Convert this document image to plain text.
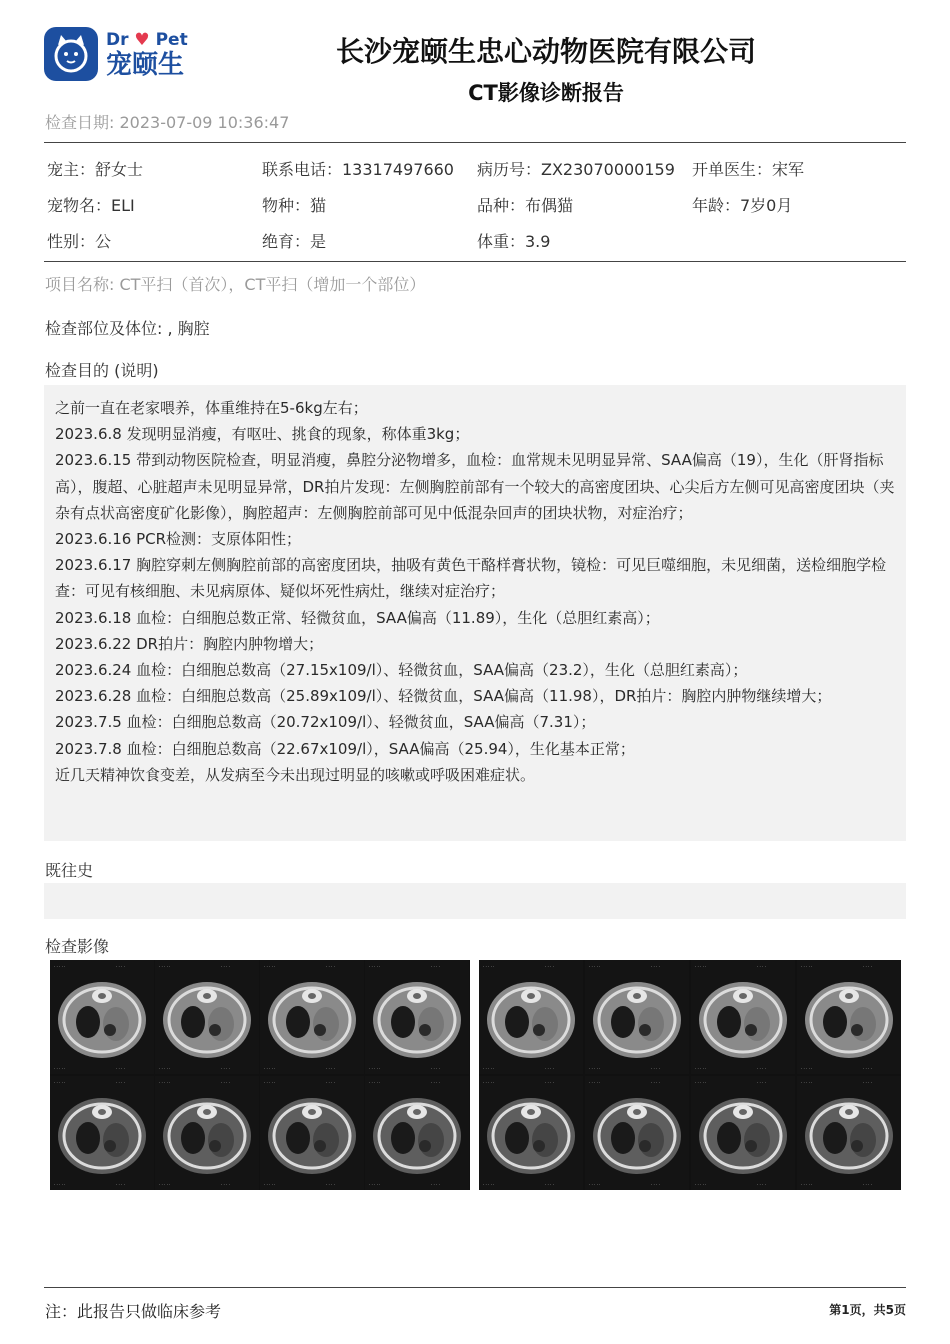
Dr ♥ Pet
宠颐生	长沙宠颐生忠心动物医院有限公司
CT影像诊断报告
检查日期: 2023-07-09 10:36:47
宠主：舒女士	联系电话：13317497660 病历号：ZX23070000159 开单医生：宋军
宠物名：ELI	物种：猫	品种：布偶猫	年龄：7岁0月
性别：公	绝育：是	体重：3.9
项目名称: CT平扫（首次），CT平扫（增加一个部位）
检查部位及体位: , 胸腔
检查目的 (说明)

之前一直在老家喂养，体重维持在5-6kg左右；

2023.6.8 发现明显消瘦，有呕吐、挑食的现象，称体重3kg；

2023.6.15 带到动物医院检查，明显消瘦，鼻腔分泌物增多，血检：血常规未见明显异常、SAA偏高（19），生化（肝肾指标高），腹超、心脏超声未见明显异常，DR拍片发现：左侧胸腔前部有一个较大的高密度团块、心尖后方左侧可见高密度团块（夹杂有点状高密度矿化影像），胸腔超声：左侧胸腔前部可见中低混杂回声的团块状物，对症治疗；

2023.6.16 PCR检测：支原体阳性；

2023.6.17 胸腔穿刺左侧胸腔前部的高密度团块，抽吸有黄色干酪样膏状物，镜检：可见巨噬细胞，未见细菌，送检细胞学检查：可见有核细胞、未见病原体、疑似坏死性病灶，继续对症治疗；

2023.6.18 血检：白细胞总数正常、轻微贫血，SAA偏高（11.89），生化（总胆红素高）；

2023.6.22 DR拍片：胸腔内肿物增大；

2023.6.24 血检：白细胞总数高（27.15x109/l）、轻微贫血，SAA偏高（23.2），生化（总胆红素高）；

2023.6.28 血检：白细胞总数高（25.89x109/l）、轻微贫血，SAA偏高（11.98），DR拍片：胸腔内肿物继续增大；

2023.7.5 血检：白细胞总数高（20.72x109/l）、轻微贫血，SAA偏高（7.31）；

2023.7.8 血检：白细胞总数高（22.67x109/l），SAA偏高（25.94），生化基本正常；

近几天精神饮食变差，从发病至今未出现过明显的咳嗽或呼吸困难症状。

既往史
检查影像
· · · · ·	· · · ·
· · · · ·	· · · ·
· · · · ·	· · · ·
· · · · ·	· · · ·
· · · · ·	· · · ·
· · · · ·	· · · ·
· · · · ·	· · · ·
· · · · ·	· · · ·
· · · · ·	· · · ·
· · · · ·	· · · ·
· · · · ·	· · · ·
· · · · ·	· · · ·
· · · · ·	· · · ·
· · · · ·	· · · ·
· · · · ·	· · · ·
· · · · ·	· · · ·
· · · · ·	· · · ·
· · · · ·	· · · ·
· · · · ·	· · · ·
· · · · ·	· · · ·
· · · · ·	· · · ·
· · · · ·	· · · ·
· · · · ·	· · · ·
· · · · ·	· · · ·
· · · · ·	· · · ·
· · · · ·	· · · ·
· · · · ·	· · · ·
· · · · ·	· · · ·
· · · · ·	· · · ·
· · · · ·	· · · ·
· · · · ·	· · · ·
· · · · ·	· · · ·
注：此报告只做临床参考	第1页，共5页
